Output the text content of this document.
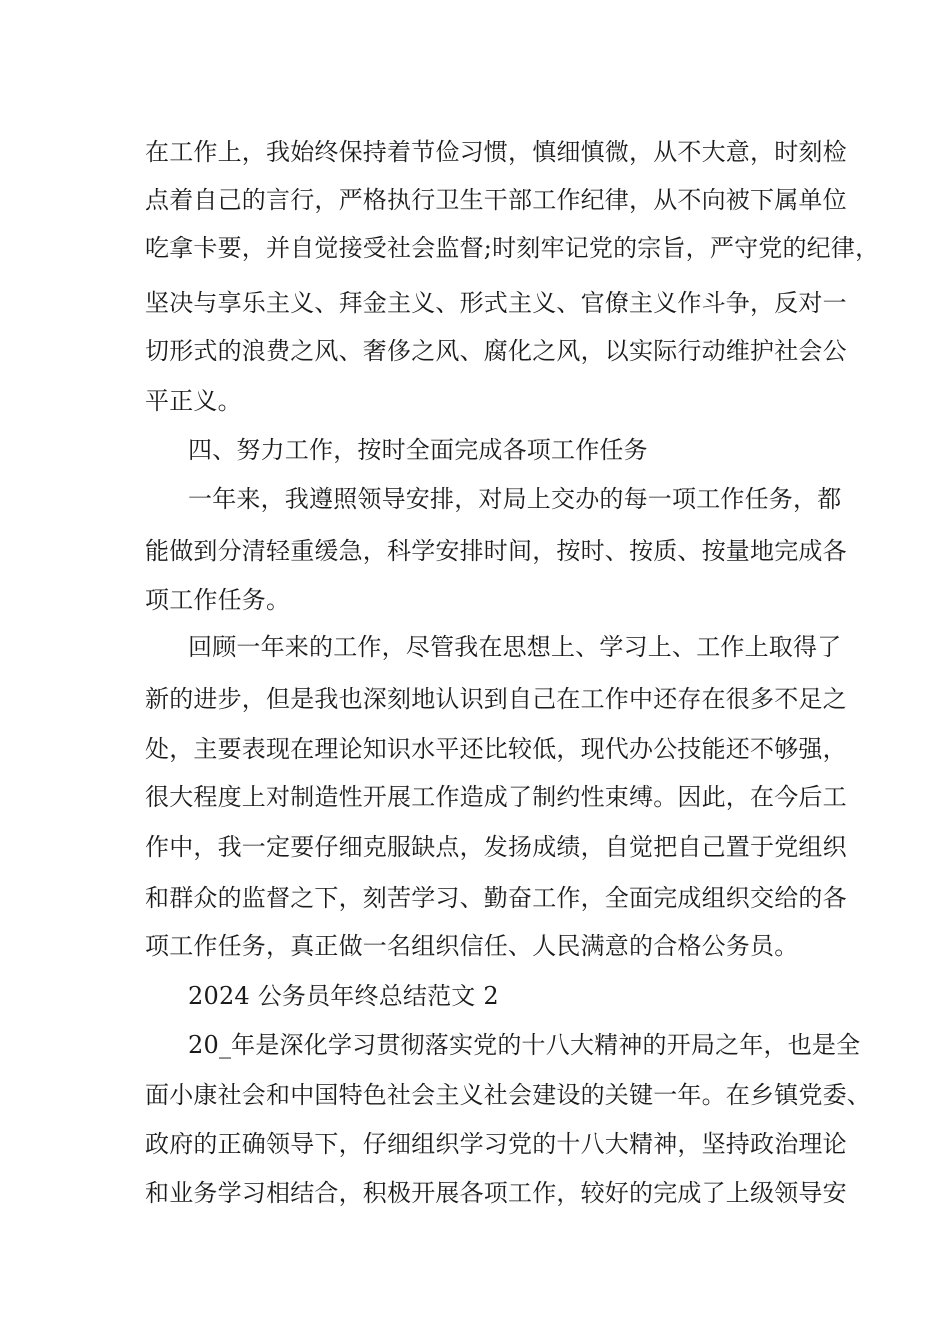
在工作上，我始终保持着节俭习惯，慎细慎微，从不大意，时刻检
点着自己的言行，严格执行卫生干部工作纪律，从不向被下属单位
吃拿卡要，并自觉接受社会监督;时刻牢记党的宗旨，严守党的纪律，
坚决与享乐主义、拜金主义、形式主义、官僚主义作斗争，反对一
切形式的浪费之风、奢侈之风、腐化之风，以实际行动维护社会公
平正义。
四、努力工作，按时全面完成各项工作任务
一年来，我遵照领导安排，对局上交办的每一项工作任务，都
能做到分清轻重缓急，科学安排时间，按时、按质、按量地完成各
项工作任务。
回顾一年来的工作，尽管我在思想上、学习上、工作上取得了
新的进步，但是我也深刻地认识到自己在工作中还存在很多不足之
处，主要表现在理论知识水平还比较低，现代办公技能还不够强，
很大程度上对制造性开展工作造成了制约性束缚。因此，在今后工
作中，我一定要仔细克服缺点，发扬成绩，自觉把自己置于党组织
和群众的监督之下，刻苦学习、勤奋工作，全面完成组织交给的各
项工作任务，真正做一名组织信任、人民满意的合格公务员。
2024 公务员年终总结范文 2
20_年是深化学习贯彻落实党的十八大精神的开局之年，也是全
面小康社会和中国特色社会主义社会建设的关键一年。在乡镇党委、
政府的正确领导下，仔细组织学习党的十八大精神，坚持政治理论
和业务学习相结合，积极开展各项工作，较好的完成了上级领导安
